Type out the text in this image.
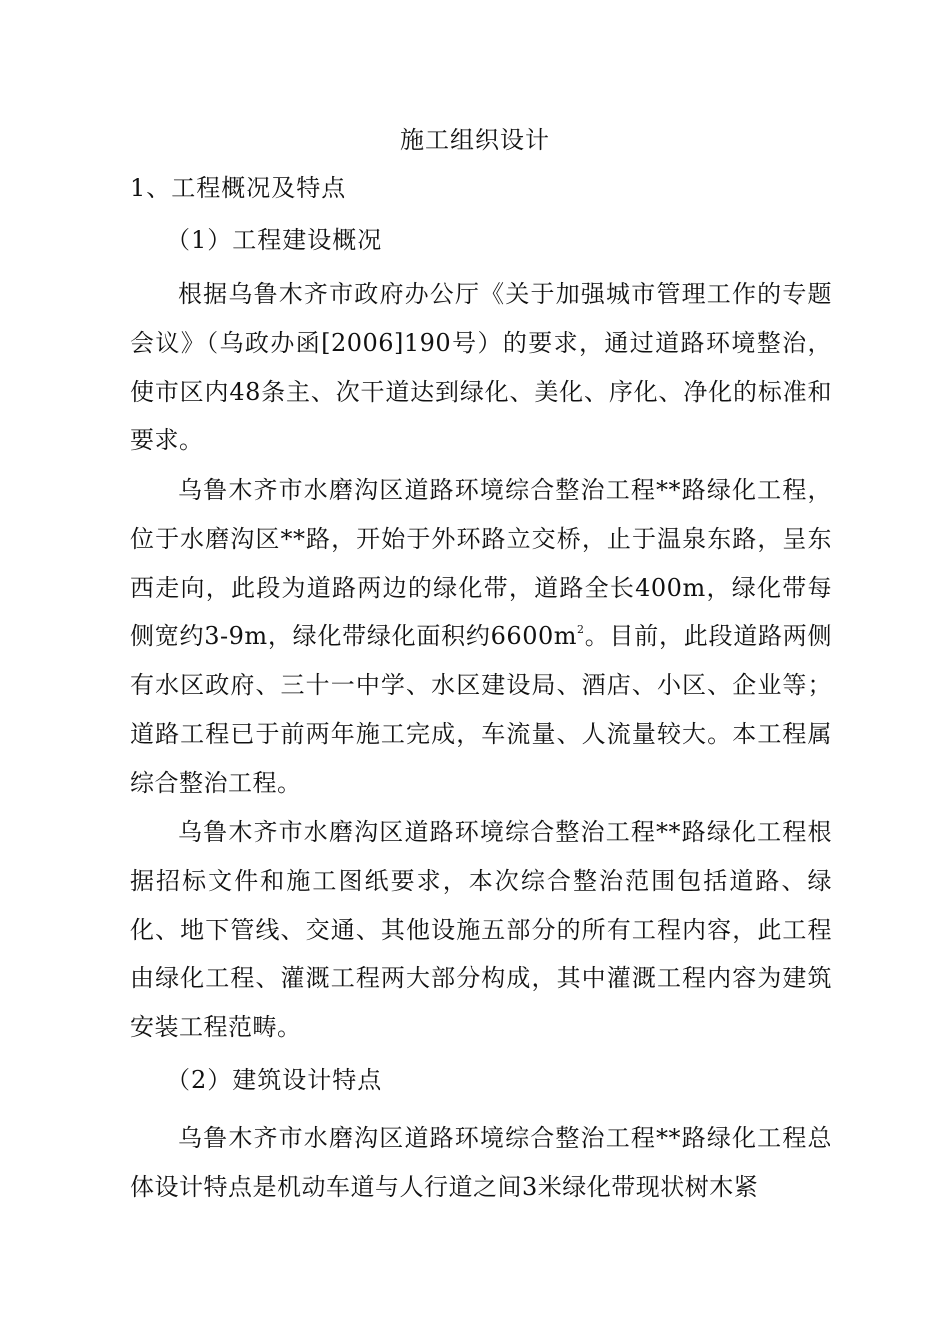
施工组织设计
1、工程概况及特点
（1）工程建设概况

根据乌鲁木齐市政府办公厅《关于加强城市管理工作的专题会议》（乌政办函[2006]190号）的要求，通过道路环境整治，使市区内48条主、次干道达到绿化、美化、序化、净化的标准和要求。

乌鲁木齐市水磨沟区道路环境综合整治工程**路绿化工程，位于水磨沟区**路，开始于外环路立交桥，止于温泉东路，呈东西走向，此段为道路两边的绿化带，道路全长400m，绿化带每侧宽约3-9m，绿化带绿化面积约$6600m^2$。目前，此段道路两侧有水区政府、三十一中学、水区建设局、酒店、小区、企业等；道路工程已于前两年施工完成，车流量、人流量较大。本工程属综合整治工程。

乌鲁木齐市水磨沟区道路环境综合整治工程**路绿化工程根据招标文件和施工图纸要求，本次综合整治范围包括道路、绿化、地下管线、交通、其他设施五部分的所有工程内容，此工程由绿化工程、灌溉工程两大部分构成，其中灌溉工程内容为建筑安装工程范畴。

（2）建筑设计特点

乌鲁木齐市水磨沟区道路环境综合整治工程**路绿化工程总体设计特点是机动车道与人行道之间3米绿化带现状树木紧
